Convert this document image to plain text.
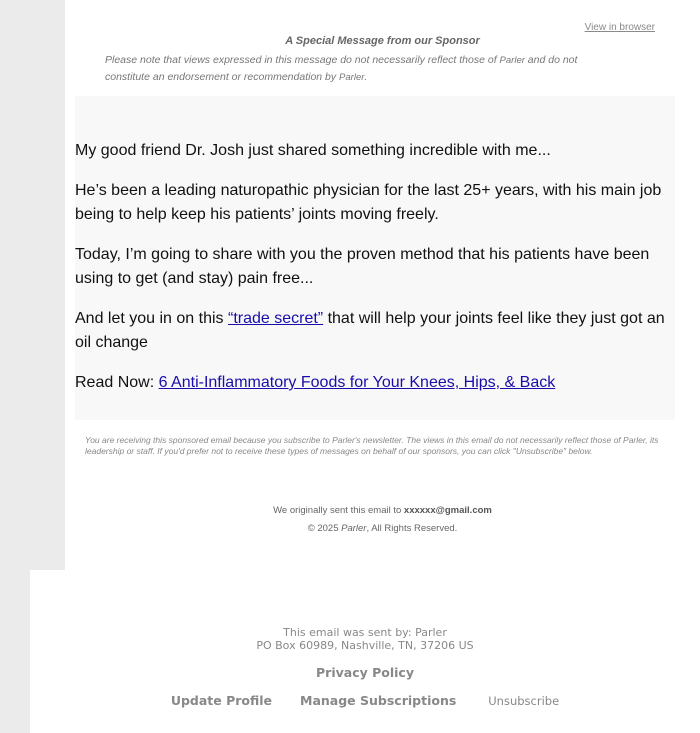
View in browser
A Special Message from our Sponsor
Please note that views expressed in this message do not necessarily reflect those of Parler and do not constitute an endorsement or recommendation by Parler.

My good friend Dr. Josh just shared something incredible with me...

He’s been a leading naturopathic physician for the last 25+ years, with his main job being to help keep his patients’ joints moving freely.

Today, I’m going to share with you the proven method that his patients have been using to get (and stay) pain free...

And let you in on this “trade secret” that will help your joints feel like they just got an oil change

Read Now: 6 Anti-Inflammatory Foods for Your Knees, Hips, & Back

You are receiving this sponsored email because you subscribe to Parler's newsletter. The views in this email do not necessarily reflect those of Parler, its leadership or staff. If you'd prefer not to receive these types of messages on behalf of our sponsors, you can click "Unsubscribe" below.
We originally sent this email to xxxxxx@gmail.com
© 2025 Parler, All Rights Reserved.
This email was sent by: Parler
PO Box 60989, Nashville, TN, 37206 US
Privacy Policy
Update Profile Manage Subscriptions	Unsubscribe
